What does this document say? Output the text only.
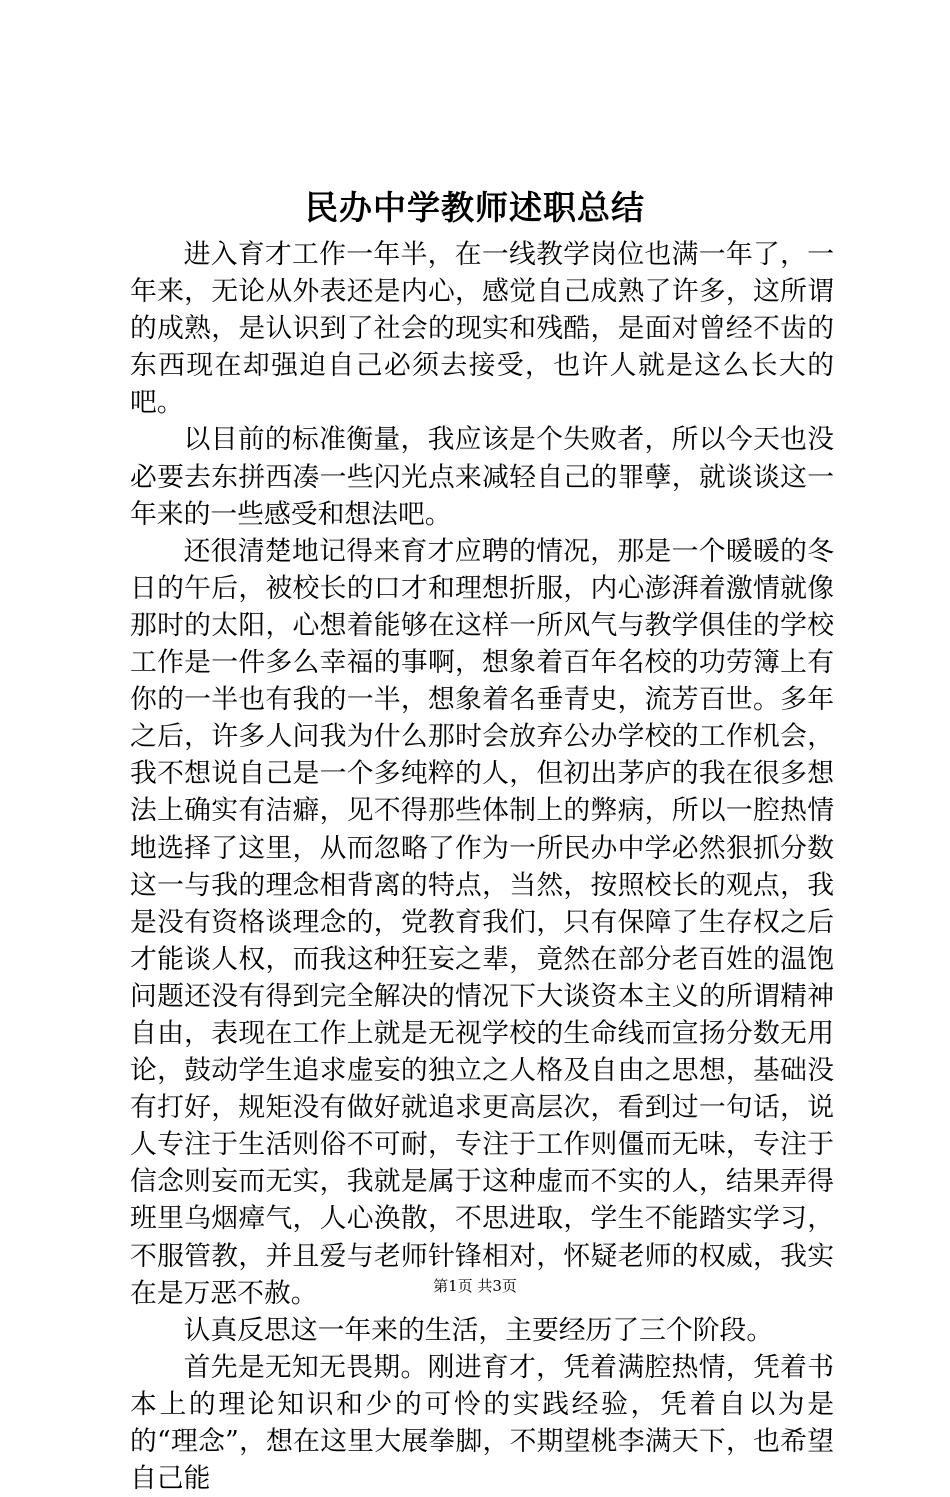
民办中学教师述职总结

进入育才工作一年半，在一线教学岗位也满一年了，一年来，无论从外表还是内心，感觉自己成熟了许多，这所谓的成熟，是认识到了社会的现实和残酷，是面对曾经不齿的东西现在却强迫自己必须去接受，也许人就是这么长大的吧。

以目前的标准衡量，我应该是个失败者，所以今天也没必要去东拼西凑一些闪光点来减轻自己的罪孽，就谈谈这一年来的一些感受和想法吧。

还很清楚地记得来育才应聘的情况，那是一个暖暖的冬日的午后，被校长的口才和理想折服，内心澎湃着激情就像那时的太阳，心想着能够在这样一所风气与教学俱佳的学校工作是一件多么幸福的事啊，想象着百年名校的功劳簿上有你的一半也有我的一半，想象着名垂青史，流芳百世。多年之后，许多人问我为什么那时会放弃公办学校的工作机会，我不想说自己是一个多纯粹的人，但初出茅庐的我在很多想法上确实有洁癖，见不得那些体制上的弊病，所以一腔热情地选择了这里，从而忽略了作为一所民办中学必然狠抓分数这一与我的理念相背离的特点，当然，按照校长的观点，我是没有资格谈理念的，党教育我们，只有保障了生存权之后才能谈人权，而我这种狂妄之辈，竟然在部分老百姓的温饱问题还没有得到完全解决的情况下大谈资本主义的所谓精神自由，表现在工作上就是无视学校的生命线而宣扬分数无用论，鼓动学生追求虚妄的独立之人格及自由之思想，基础没有打好，规矩没有做好就追求更高层次，看到过一句话，说人专注于生活则俗不可耐，专注于工作则僵而无味，专注于信念则妄而无实，我就是属于这种虚而不实的人，结果弄得班里乌烟瘴气，人心涣散，不思进取，学生不能踏实学习，不服管教，并且爱与老师针锋相对，怀疑老师的权威，我实在是万恶不赦。

认真反思这一年来的生活，主要经历了三个阶段。

首先是无知无畏期。刚进育才，凭着满腔热情，凭着书本上的理论知识和少的可怜的实践经验，凭着自以为是的“理念”，想在这里大展拳脚，不期望桃李满天下，也希望自己能

第1页 共3页
